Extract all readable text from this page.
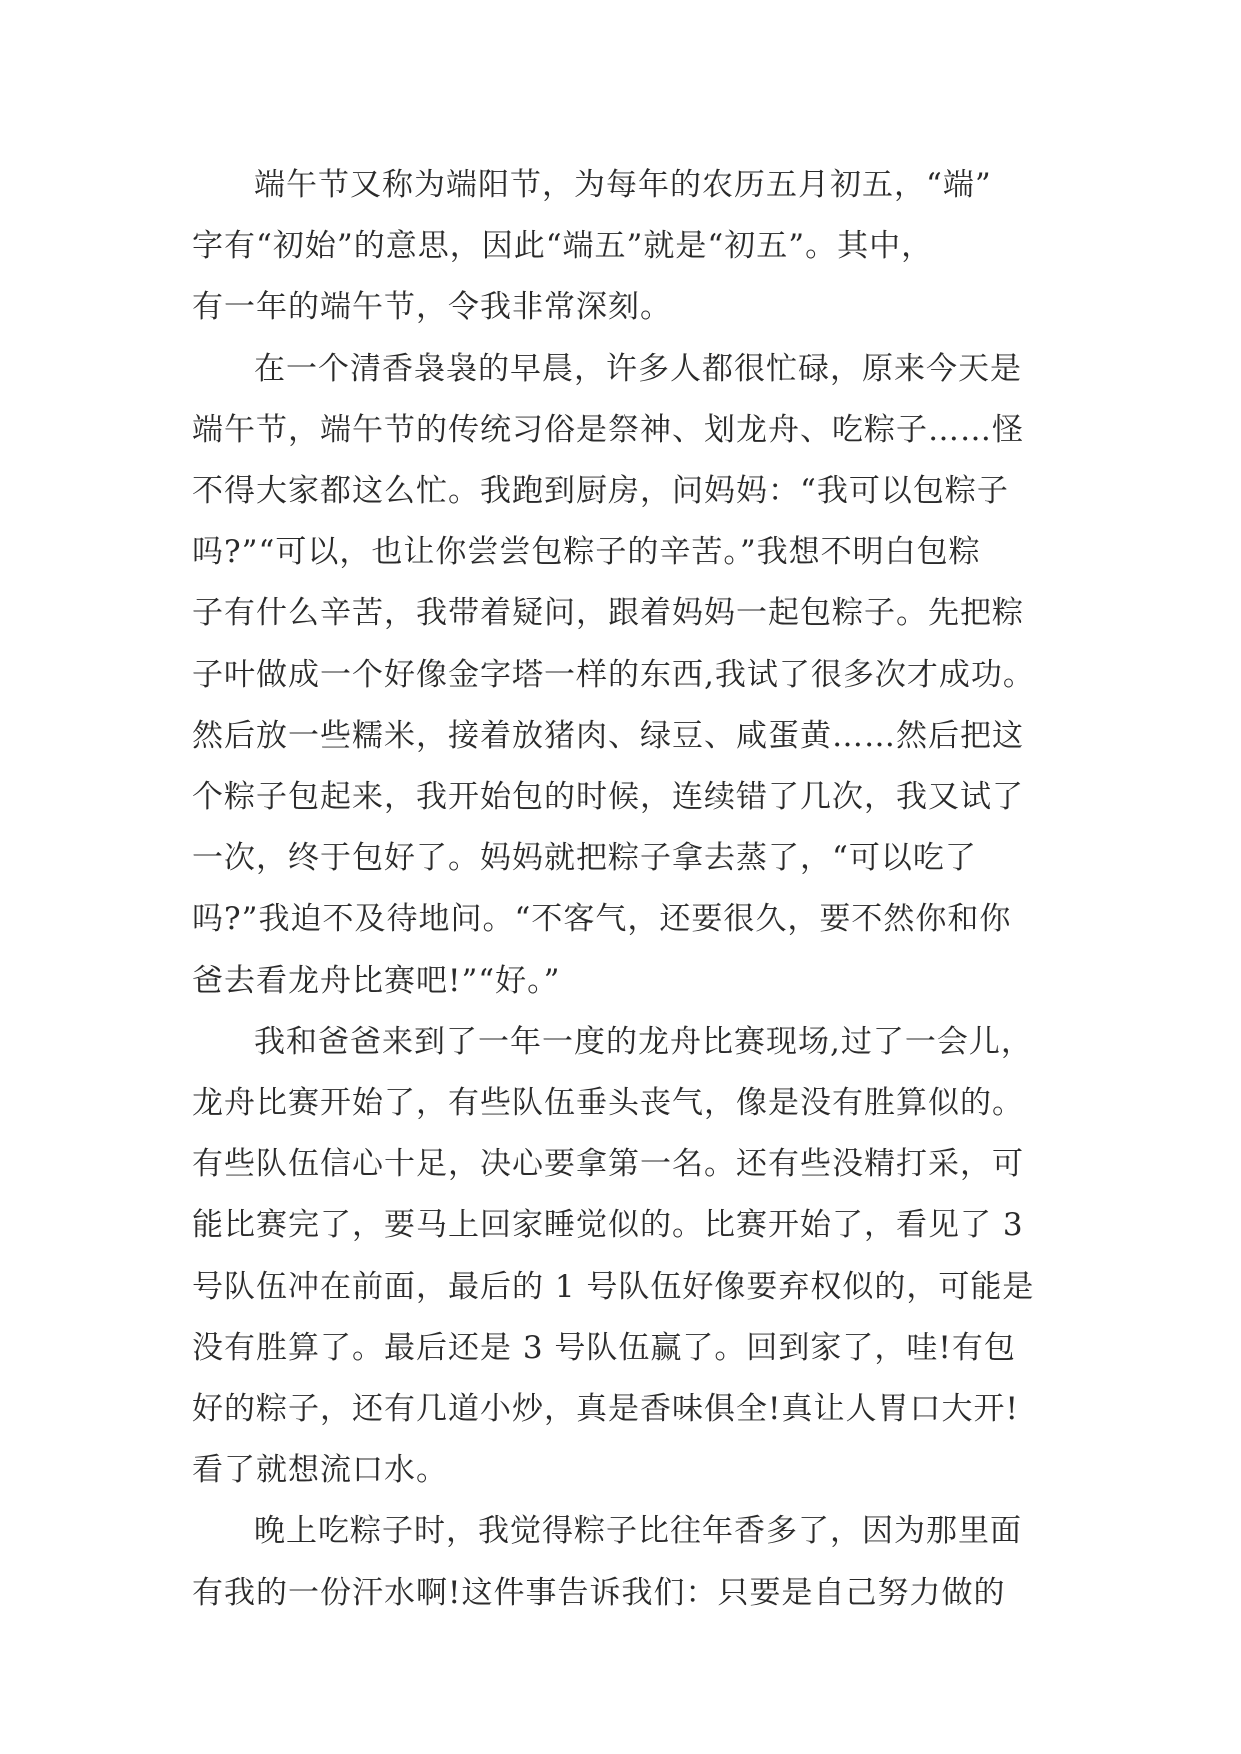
端午节又称为端阳节，为每年的农历五月初五，“端”
字有“初始”的意思，因此“端五”就是“初五”。其中，
有一年的端午节，令我非常深刻。
在一个清香袅袅的早晨，许多人都很忙碌，原来今天是
端午节，端午节的传统习俗是祭神、划龙舟、吃粽子……怪
不得大家都这么忙。我跑到厨房，问妈妈：“我可以包粽子
吗?”“可以，也让你尝尝包粽子的辛苦。”我想不明白包粽
子有什么辛苦，我带着疑问，跟着妈妈一起包粽子。先把粽
子叶做成一个好像金字塔一样的东西,我试了很多次才成功。
然后放一些糯米，接着放猪肉、绿豆、咸蛋黄……然后把这
个粽子包起来，我开始包的时候，连续错了几次，我又试了
一次，终于包好了。妈妈就把粽子拿去蒸了，“可以吃了
吗?”我迫不及待地问。“不客气，还要很久，要不然你和你
爸去看龙舟比赛吧!”“好。”
我和爸爸来到了一年一度的龙舟比赛现场,过了一会儿，
龙舟比赛开始了，有些队伍垂头丧气，像是没有胜算似的。
有些队伍信心十足，决心要拿第一名。还有些没精打采，可
能比赛完了，要马上回家睡觉似的。比赛开始了，看见了 3
号队伍冲在前面，最后的 1 号队伍好像要弃权似的，可能是
没有胜算了。最后还是 3 号队伍赢了。回到家了，哇!有包
好的粽子，还有几道小炒，真是香味俱全!真让人胃口大开!
看了就想流口水。
晚上吃粽子时，我觉得粽子比往年香多了，因为那里面
有我的一份汗水啊!这件事告诉我们：只要是自己努力做的
